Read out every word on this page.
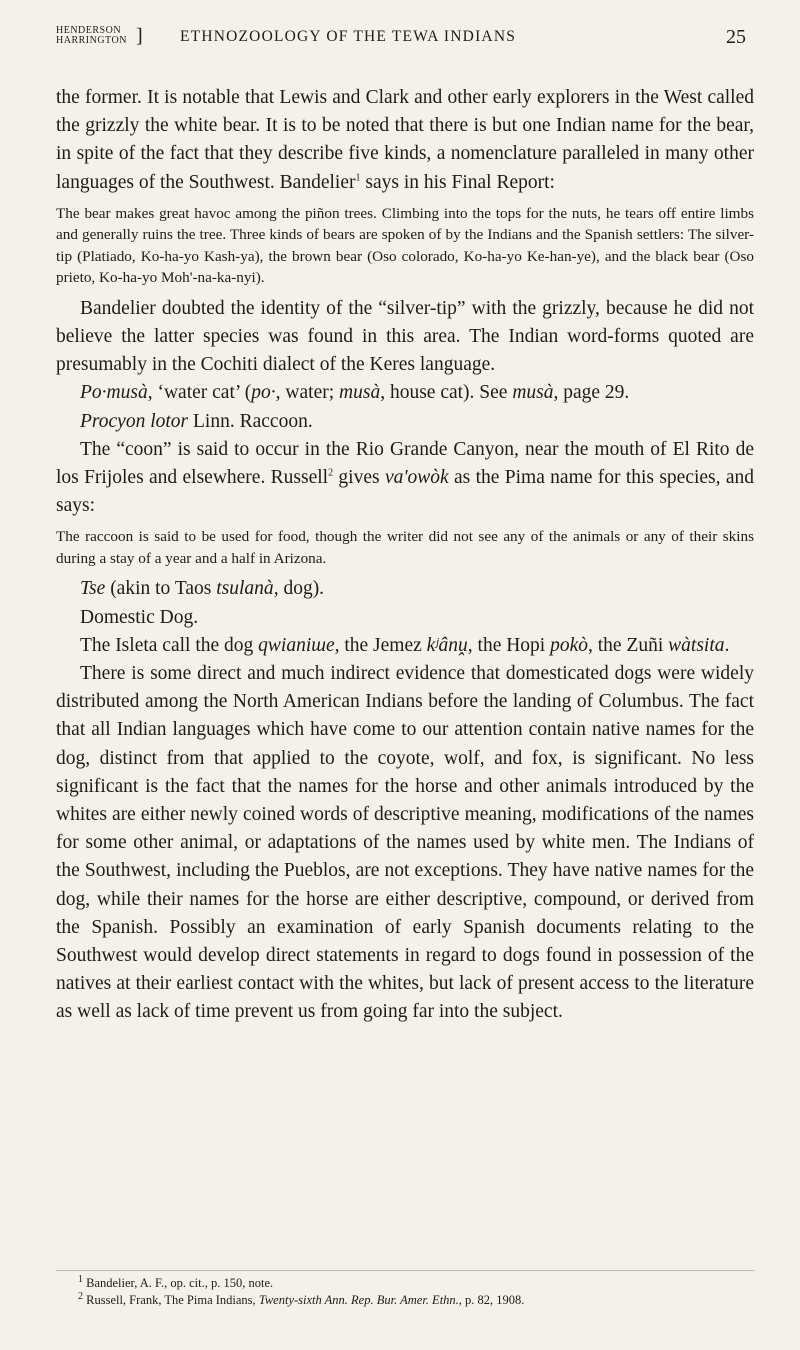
HENDERSON
HARRINGTON ] ETHNOZOOLOGY OF THE TEWA INDIANS	25

the former. It is notable that Lewis and Clark and other early explorers in the West called the grizzly the white bear. It is to be noted that there is but one Indian name for the bear, in spite of the fact that they describe five kinds, a nomenclature paralleled in many other languages of the Southwest. Bandelier$^1$ says in his Final Report:

The bear makes great havoc among the piñon trees. Climbing into the tops for the nuts, he tears off entire limbs and generally ruins the tree. Three kinds of bears are spoken of by the Indians and the Spanish settlers: The silver-tip (Platiado, Ko-ha-yo Kash-ya), the brown bear (Oso colorado, Ko-ha-yo Ke-han-ye), and the black bear (Oso prieto, Ko-ha-yo Moh'-na-ka-nyi).

Bandelier doubted the identity of the “silver-tip” with the grizzly, because he did not believe the latter species was found in this area. The Indian word-forms quoted are presumably in the Cochiti dialect of the Keres language.

Po·musà, ‘water cat’ (po·, water; musà, house cat). See musà, page 29.

Procyon lotor Linn. Raccoon.

The “coon” is said to occur in the Rio Grande Canyon, near the mouth of El Rito de los Frijoles and elsewhere. Russell$^2$ gives va'owòk as the Pima name for this species, and says:

The raccoon is said to be used for food, though the writer did not see any of the animals or any of their skins during a stay of a year and a half in Arizona.

Tse (akin to Taos tsulanà, dog).

Domestic Dog.

The Isleta call the dog qwianiше, the Jemez kʲânṷ, the Hopi pokò, the Zuñi wàtsita.

There is some direct and much indirect evidence that domesticated dogs were widely distributed among the North American Indians before the landing of Columbus. The fact that all Indian languages which have come to our attention contain native names for the dog, distinct from that applied to the coyote, wolf, and fox, is significant. No less significant is the fact that the names for the horse and other animals introduced by the whites are either newly coined words of descriptive meaning, modifications of the names for some other animal, or adaptations of the names used by white men. The Indians of the Southwest, including the Pueblos, are not exceptions. They have native names for the dog, while their names for the horse are either descriptive, compound, or derived from the Spanish. Possibly an examination of early Spanish documents relating to the Southwest would develop direct statements in regard to dogs found in possession of the natives at their earliest contact with the whites, but lack of present access to the literature as well as lack of time prevent us from going far into the subject.

$^1$ Bandelier, A. F., op. cit., p. 150, note.
$^2$ Russell, Frank, The Pima Indians, Twenty-sixth Ann. Rep. Bur. Amer. Ethn., p. 82, 1908.
